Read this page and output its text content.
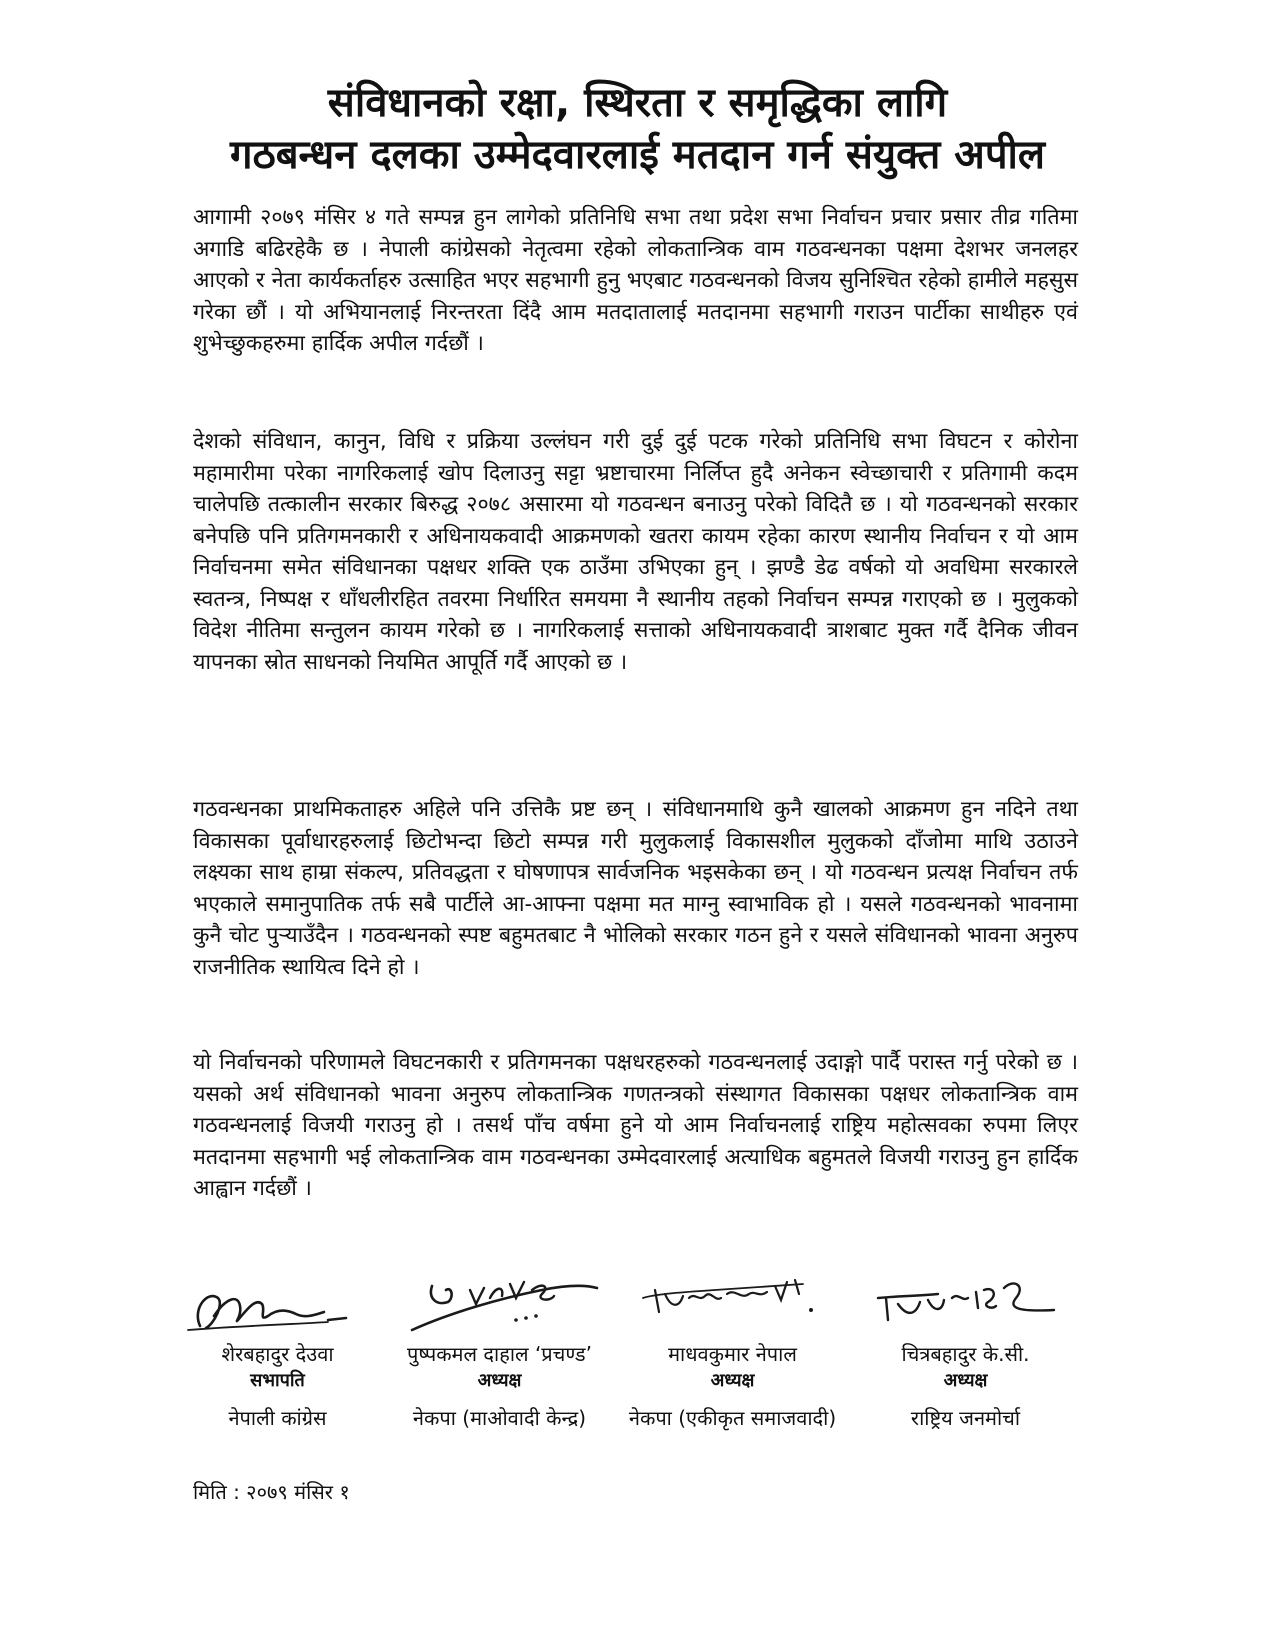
संविधानको रक्षा, स्थिरता र समृद्धिका लागि
गठबन्धन दलका उम्मेदवारलाई मतदान गर्न संयुक्त अपील

आगामी २०७९ मंसिर ४ गते सम्पन्न हुन लागेको प्रतिनिधि सभा तथा प्रदेश सभा निर्वाचन प्रचार प्रसार तीव्र गतिमा अगाडि बढिरहेकै छ । नेपाली कांग्रेसको नेतृत्वमा रहेको लोकतान्त्रिक वाम गठवन्धनका पक्षमा देशभर जनलहर आएको र नेता कार्यकर्ताहरु उत्साहित भएर सहभागी हुनु भएबाट गठवन्धनको विजय सुनिश्चित रहेको हामीले महसुस गरेका छौं । यो अभियानलाई निरन्तरता दिंदै आम मतदातालाई मतदानमा सहभागी गराउन पार्टीका साथीहरु एवं शुभेच्छुकहरुमा हार्दिक अपील गर्दछौं ।

देशको संविधान, कानुन, विधि र प्रक्रिया उल्लंघन गरी दुई दुई पटक गरेको प्रतिनिधि सभा विघटन र कोरोना महामारीमा परेका नागरिकलाई खोप दिलाउनु सट्टा भ्रष्टाचारमा निर्लिप्त हुदै अनेकन स्वेच्छाचारी र प्रतिगामी कदम चालेपछि तत्कालीन सरकार बिरुद्ध २०७८ असारमा यो गठवन्धन बनाउनु परेको विदितै छ । यो गठवन्धनको सरकार बनेपछि पनि प्रतिगमनकारी र अधिनायकवादी आक्रमणको खतरा कायम रहेका कारण स्थानीय निर्वाचन र यो आम निर्वाचनमा समेत संविधानका पक्षधर शक्ति एक ठाउँमा उभिएका हुन् । झण्डै डेढ वर्षको यो अवधिमा सरकारले स्वतन्त्र, निष्पक्ष र धाँधलीरहित तवरमा निर्धारित समयमा नै स्थानीय तहको निर्वाचन सम्पन्न गराएको छ । मुलुकको विदेश नीतिमा सन्तुलन कायम गरेको छ । नागरिकलाई सत्ताको अधिनायकवादी त्राशबाट मुक्त गर्दै दैनिक जीवन यापनका स्रोत साधनको नियमित आपूर्ति गर्दै आएको छ ।

गठवन्धनका प्राथमिकताहरु अहिले पनि उत्तिकै प्रष्ट छन् । संविधानमाथि कुनै खालको आक्रमण हुन नदिने तथा विकासका पूर्वाधारहरुलाई छिटोभन्दा छिटो सम्पन्न गरी मुलुकलाई विकासशील मुलुकको दाँजोमा माथि उठाउने लक्ष्यका साथ हाम्रा संकल्प, प्रतिवद्धता र घोषणापत्र सार्वजनिक भइसकेका छन् । यो गठवन्धन प्रत्यक्ष निर्वाचन तर्फ भएकाले समानुपातिक तर्फ सबै पार्टीले आ-आफ्ना पक्षमा मत माग्नु स्वाभाविक हो । यसले गठवन्धनको भावनामा कुनै चोट पुर्‍याउँदैन । गठवन्धनको स्पष्ट बहुमतबाट नै भोलिको सरकार गठन हुने र यसले संविधानको भावना अनुरुप राजनीतिक स्थायित्व दिने हो ।

यो निर्वाचनको परिणामले विघटनकारी र प्रतिगमनका पक्षधरहरुको गठवन्धनलाई उदाङ्गो पार्दै परास्त गर्नु परेको छ । यसको अर्थ संविधानको भावना अनुरुप लोकतान्त्रिक गणतन्त्रको संस्थागत विकासका पक्षधर लोकतान्त्रिक वाम गठवन्धनलाई विजयी गराउनु हो । तसर्थ पाँच वर्षमा हुने यो आम निर्वाचनलाई राष्ट्रिय महोत्सवका रुपमा लिएर मतदानमा सहभागी भई लोकतान्त्रिक वाम गठवन्धनका उम्मेदवारलाई अत्याधिक बहुमतले विजयी गराउनु हुन हार्दिक आह्वान गर्दछौं ।

शेरबहादुर देउवा
सभापति
नेपाली कांग्रेस
पुष्पकमल दाहाल ‘प्रचण्ड’
अध्यक्ष
नेकपा (माओवादी केन्द्र)
माधवकुमार नेपाल
अध्यक्ष
नेकपा (एकीकृत समाजवादी)
चित्रबहादुर के.सी.
अध्यक्ष
राष्ट्रिय जनमोर्चा
मिति : २०७९ मंसिर १
